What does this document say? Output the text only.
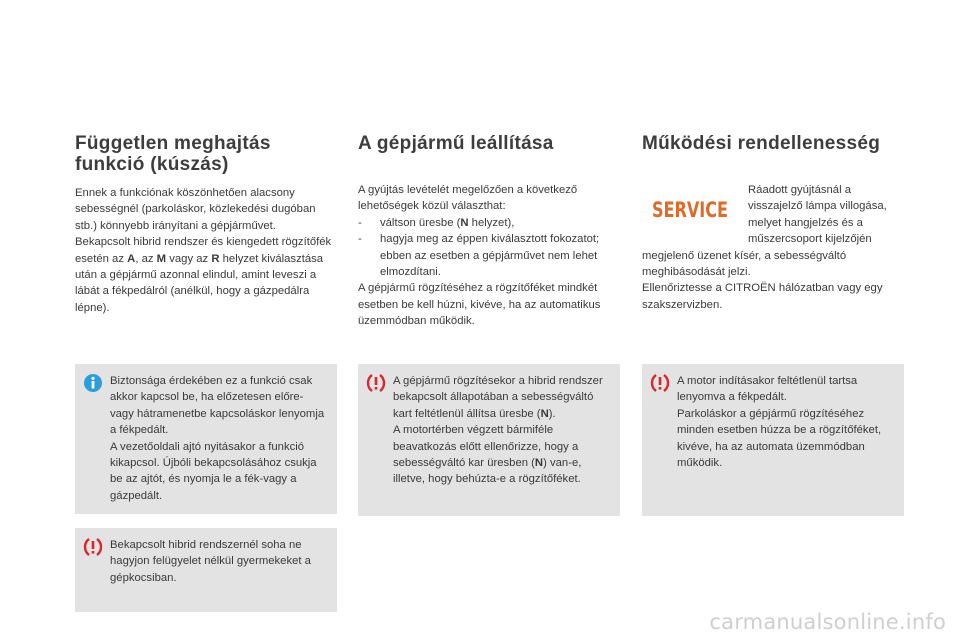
Független meghajtás funkció (kúszás)

Ennek a funkciónak köszönhetően alacsony sebességnél (parkoláskor, közlekedési dugóban stb.) könnyebb irányítani a gépjárművet.

Bekapcsolt hibrid rendszer és kiengedett rögzítőfék esetén az A, az M vagy az R helyzet kiválasztása után a gépjármű azonnal elindul, amint leveszi a lábát a fékpedálról (anélkül, hogy a gázpedálra lépne).

A gépjármű leállítása

A gyújtás levételét megelőzően a következő lehetőségek közül választhat:

-	váltson üresbe (N helyzet),
-	hagyja meg az éppen kiválasztott fokozatot; ebben az esetben a gépjárművet nem lehet elmozdítani.

A gépjármű rögzítéséhez a rögzítőféket mindkét esetben be kell húzni, kivéve, ha az automatikus üzemmódban működik.

Működési rendellenesség
SERVICE

Ráadott gyújtásnál a visszajelző lámpa villogása, melyet hangjelzés és a műszercsoport kijelzőjén megjelenő üzenet kísér, a sebességváltó meghibásodását jelzi.

Ellenőriztesse a CITROËN hálózatban vagy egy szakszervizben.

Biztonsága érdekében ez a funkció csak akkor kapcsol be, ha előzetesen előre- vagy hátramenetbe kapcsoláskor lenyomja a fékpedált.

A vezetőoldali ajtó nyitásakor a funkció kikapcsol. Újbóli bekapcsolásához csukja be az ajtót, és nyomja le a fék-vagy a gázpedált.

Bekapcsolt hibrid rendszernél soha ne hagyjon felügyelet nélkül gyermekeket a gépkocsiban.

A gépjármű rögzítésekor a hibrid rendszer bekapcsolt állapotában a sebességváltó kart feltétlenül állítsa üresbe (N).

A motortérben végzett bármiféle beavatkozás előtt ellenőrizze, hogy a sebességváltó kar üresben (N) van-e, illetve, hogy behúzta-e a rögzítőféket.

A motor indításakor feltétlenül tartsa lenyomva a fékpedált.

Parkoláskor a gépjármű rögzítéséhez minden esetben húzza be a rögzítőféket, kivéve, ha az automata üzemmódban működik.

carmanualsonline.info
